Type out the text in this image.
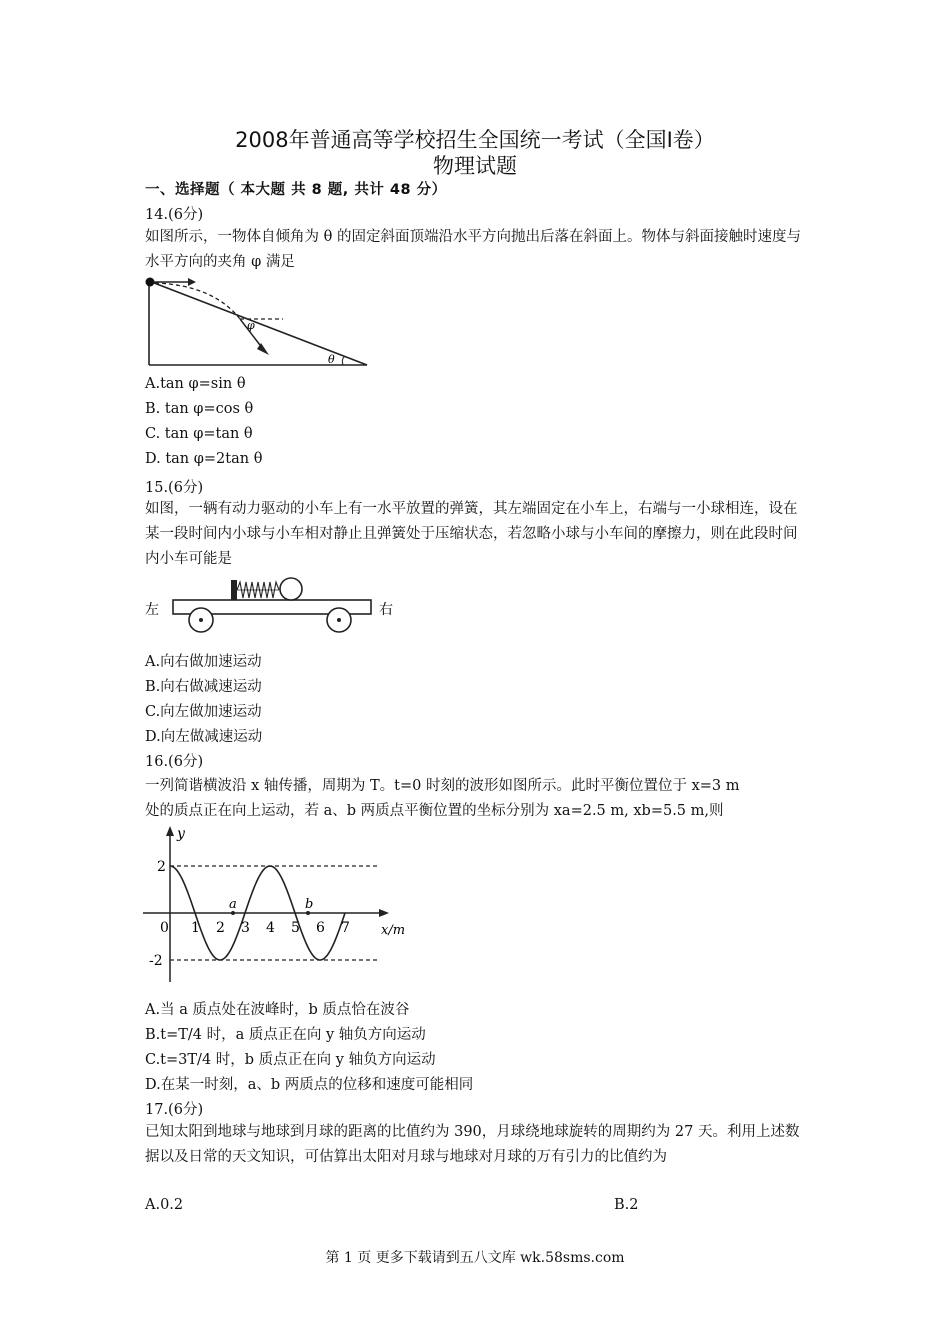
2008年普通高等学校招生全国统一考试（全国Ⅰ卷）
物理试题
一、选择题（ 本大题 共 8 题, 共计 48 分）
14.(6分)
如图所示，一物体自倾角为 θ 的固定斜面顶端沿水平方向抛出后落在斜面上。物体与斜面接触时速度与水平方向的夹角 φ 满足
φ
θ
A.tan φ=sin θ
B. tan φ=cos θ
C. tan φ=tan θ
D. tan φ=2tan θ
15.(6分)
如图，一辆有动力驱动的小车上有一水平放置的弹簧，其左端固定在小车上，右端与一小球相连，设在某一段时间内小球与小车相对静止且弹簧处于压缩状态，若忽略小球与小车间的摩擦力，则在此段时间内小车可能是
左	右
A.向右做加速运动
B.向右做减速运动
C.向左做加速运动
D.向左做减速运动
16.(6分)
一列简谐横波沿 x 轴传播，周期为 T。t=0 时刻的波形如图所示。此时平衡位置位于 x=3 m
处的质点正在向上运动，若 a、b 两质点平衡位置的坐标分别为 xa=2.5 m, xb=5.5 m,则
y
x/m
2
-2
0 1 2 3 4 5 6 7
a	b
A.当 a 质点处在波峰时，b 质点恰在波谷
B.t=T/4 时，a 质点正在向 y 轴负方向运动
C.t=3T/4 时，b 质点正在向 y 轴负方向运动
D.在某一时刻，a、b 两质点的位移和速度可能相同
17.(6分)
已知太阳到地球与地球到月球的距离的比值约为 390，月球绕地球旋转的周期约为 27 天。利用上述数据以及日常的天文知识，可估算出太阳对月球与地球对月球的万有引力的比值约为
A.0.2	B.2
第 1 页 更多下载请到五八文库 wk.58sms.com
